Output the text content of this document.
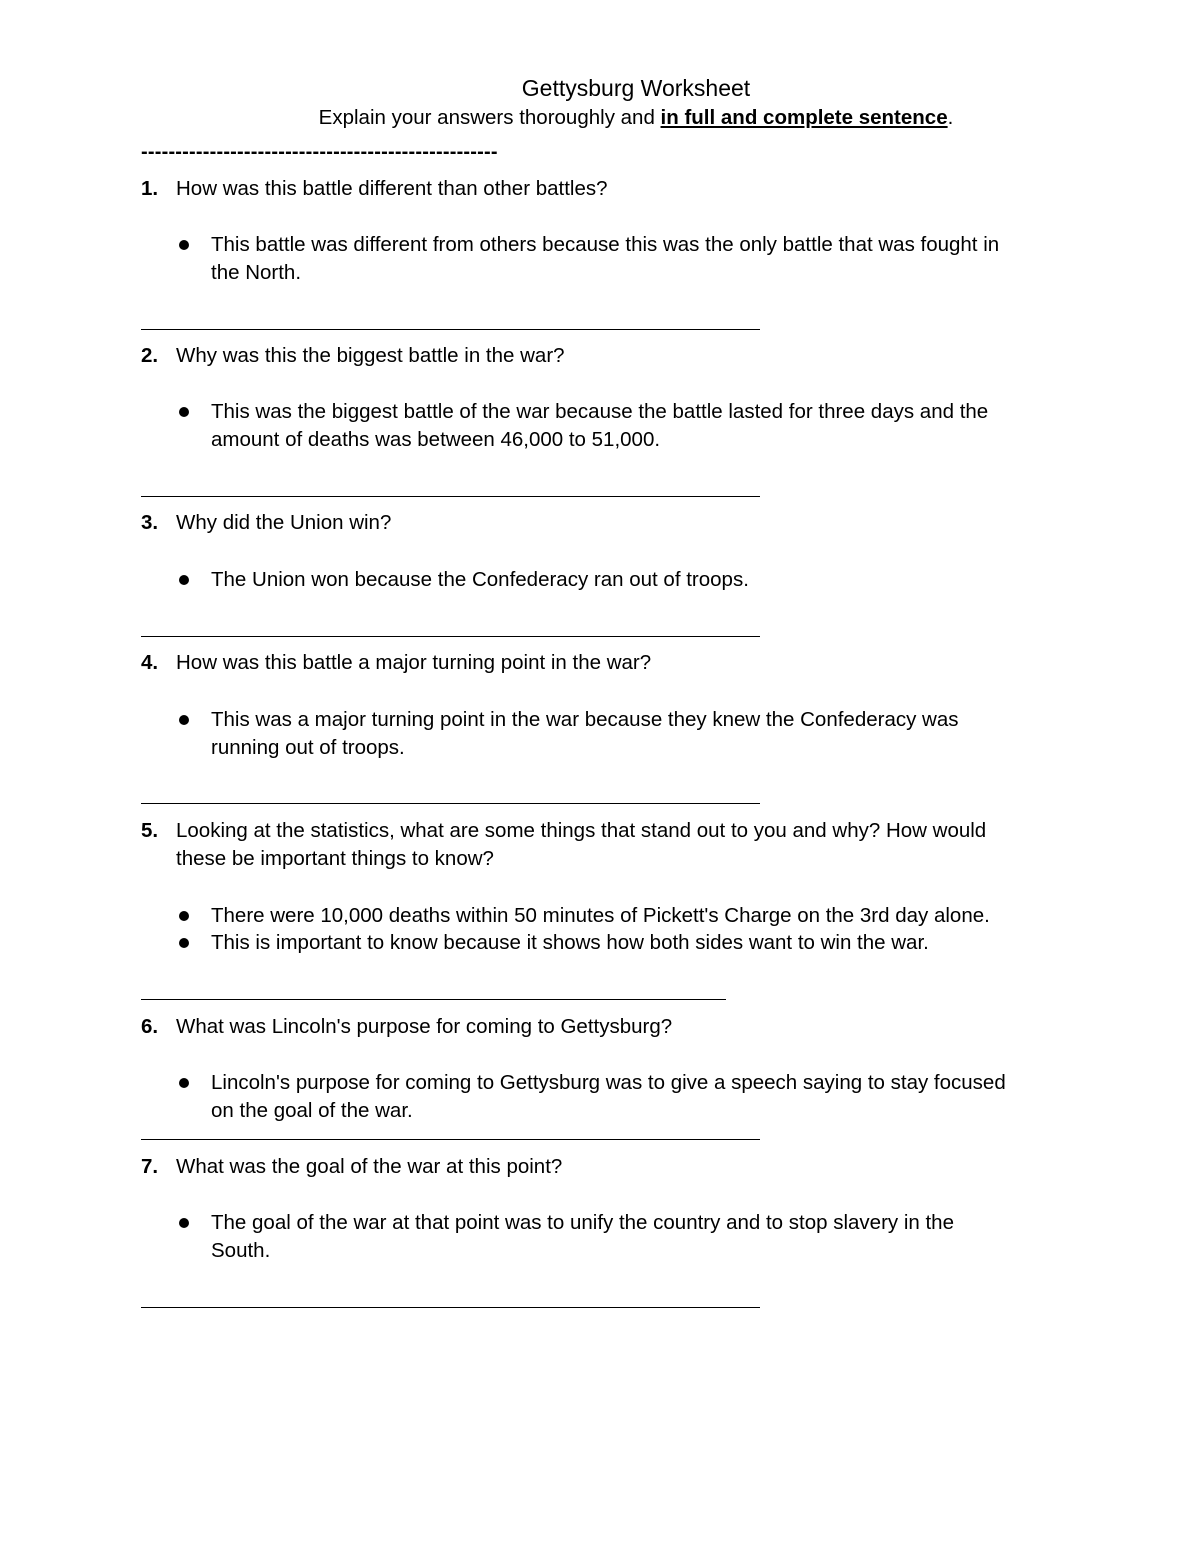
Gettysburg Worksheet
Explain your answers thoroughly and in full and complete sentence.
----------------------------------------------------
1. How was this battle different than other battles?
This battle was different from others because this was the only battle that was fought in
the North.
2. Why was this the biggest battle in the war?
This was the biggest battle of the war because the battle lasted for three days and the
amount of deaths was between 46,000 to 51,000.
3. Why did the Union win?
The Union won because the Confederacy ran out of troops.
4. How was this battle a major turning point in the war?
This was a major turning point in the war because they knew the Confederacy was
running out of troops.
5. Looking at the statistics, what are some things that stand out to you and why? How would
these be important things to know?
There were 10,000 deaths within 50 minutes of Pickett's Charge on the 3rd day alone.
This is important to know because it shows how both sides want to win the war.
6. What was Lincoln's purpose for coming to Gettysburg?
Lincoln's purpose for coming to Gettysburg was to give a speech saying to stay focused
on the goal of the war.
7. What was the goal of the war at this point?
The goal of the war at that point was to unify the country and to stop slavery in the
South.
